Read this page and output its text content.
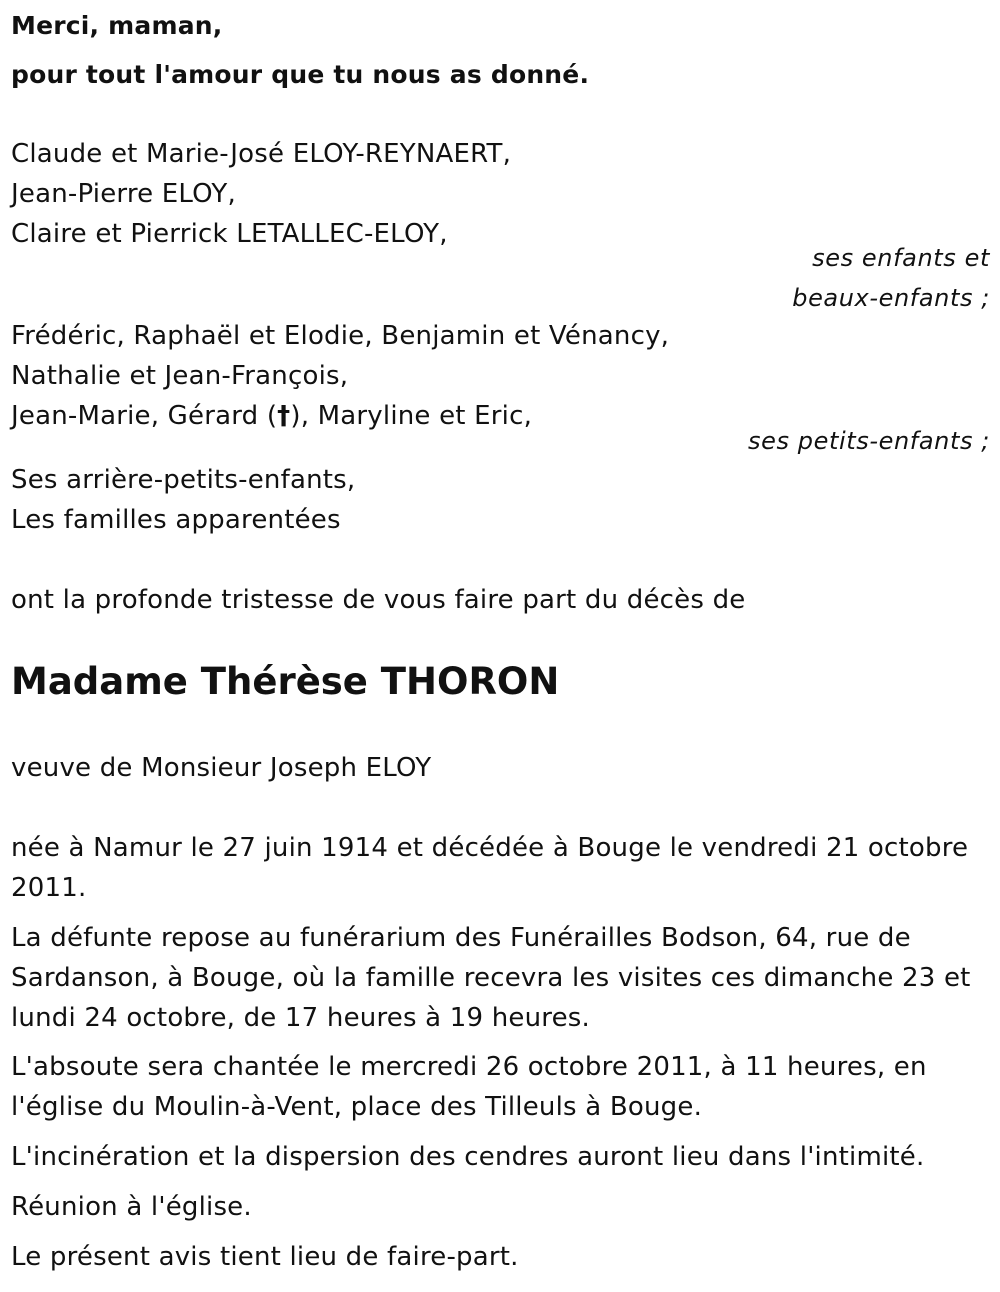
Merci, maman,
pour tout l'amour que tu nous as donné.
Claude et Marie-José ELOY-REYNAERT,
Jean-Pierre ELOY,
Claire et Pierrick LETALLEC-ELOY,
ses enfants et
beaux-enfants ;
Frédéric, Raphaël et Elodie, Benjamin et Vénancy,
Nathalie et Jean-François,
Jean-Marie, Gérard (†), Maryline et Eric,
ses petits-enfants ;
Ses arrière-petits-enfants,
Les familles apparentées
ont la profonde tristesse de vous faire part du décès de
Madame Thérèse THORON
veuve de Monsieur Joseph ELOY
née à Namur le 27 juin 1914 et décédée à Bouge le vendredi 21 octobre
2011.
La défunte repose au funérarium des Funérailles Bodson, 64, rue de
Sardanson, à Bouge, où la famille recevra les visites ces dimanche 23 et
lundi 24 octobre, de 17 heures à 19 heures.
L'absoute sera chantée le mercredi 26 octobre 2011, à 11 heures, en
l'église du Moulin-à-Vent, place des Tilleuls à Bouge.
L'incinération et la dispersion des cendres auront lieu dans l'intimité.
Réunion à l'église.
Le présent avis tient lieu de faire-part.
